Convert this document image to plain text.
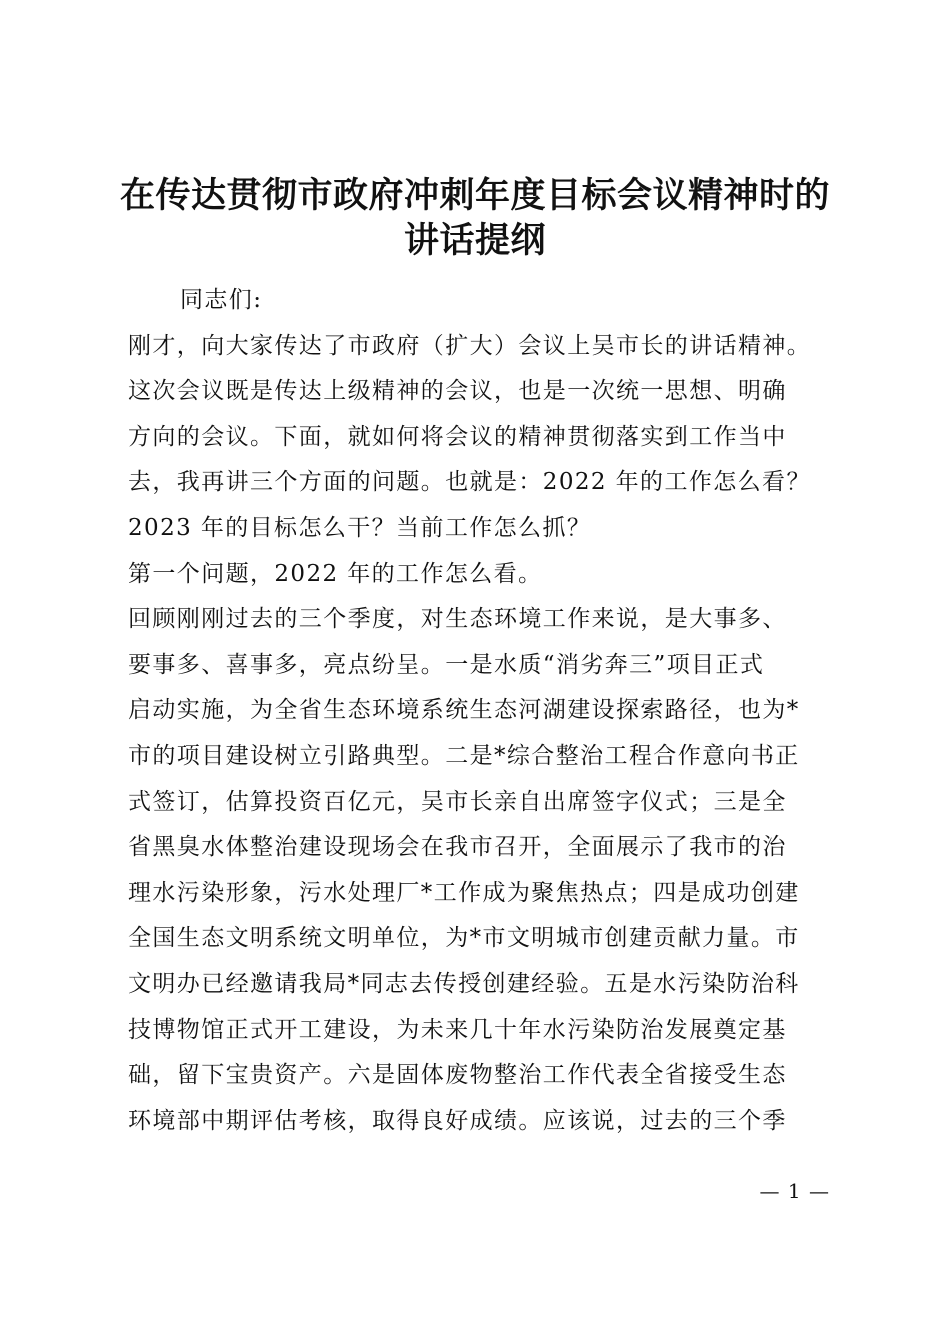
在传达贯彻市政府冲刺年度目标会议精神时的
讲话提纲
同志们:
刚才，向大家传达了市政府（扩大）会议上吴市长的讲话精神。
这次会议既是传达上级精神的会议，也是一次统一思想、明确
方向的会议。下面，就如何将会议的精神贯彻落实到工作当中
去，我再讲三个方面的问题。也就是：2022 年的工作怎么看？
2023 年的目标怎么干？当前工作怎么抓？
第一个问题，2022 年的工作怎么看。
回顾刚刚过去的三个季度，对生态环境工作来说，是大事多、
要事多、喜事多，亮点纷呈。一是水质“消劣奔三”项目正式
启动实施，为全省生态环境系统生态河湖建设探索路径，也为*
市的项目建设树立引路典型。二是*综合整治工程合作意向书正
式签订，估算投资百亿元，吴市长亲自出席签字仪式；三是全
省黑臭水体整治建设现场会在我市召开，全面展示了我市的治
理水污染形象，污水处理厂*工作成为聚焦热点；四是成功创建
全国生态文明系统文明单位，为*市文明城市创建贡献力量。市
文明办已经邀请我局*同志去传授创建经验。五是水污染防治科
技博物馆正式开工建设，为未来几十年水污染防治发展奠定基
础，留下宝贵资产。六是固体废物整治工作代表全省接受生态
环境部中期评估考核，取得良好成绩。应该说，过去的三个季
— 1 —
